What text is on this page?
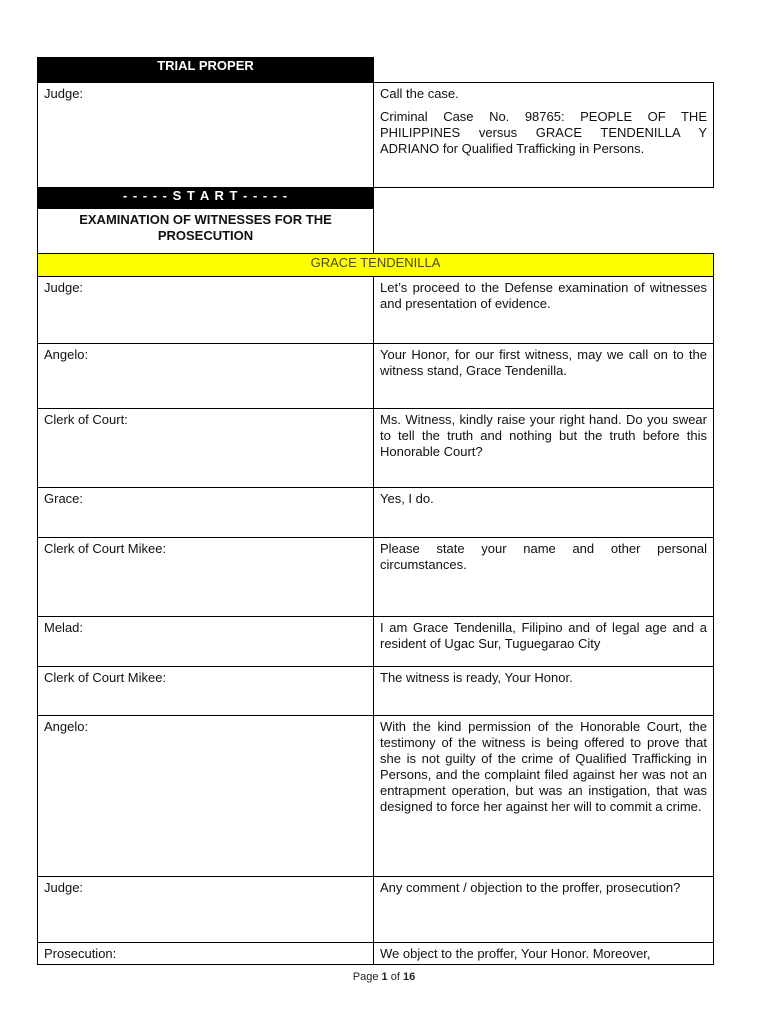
TRIAL PROPER
Judge:	Call the case.

Criminal Case No. 98765: PEOPLE OF THE PHILIPPINES versus GRACE TENDENILLA Y ADRIANO for Qualified Trafficking in Persons.

- - - - - S T A R T - - - - -
EXAMINATION OF WITNESSES FOR THE PROSECUTION
GRACE TENDENILLA
Judge:	Let’s proceed to the Defense examination of witnesses and presentation of evidence.
Angelo:	Your Honor, for our first witness, may we call on to the witness stand, Grace Tendenilla.
Clerk of Court:	Ms. Witness, kindly raise your right hand. Do you swear to tell the truth and nothing but the truth before this Honorable Court?
Grace:	Yes, I do.
Clerk of Court Mikee:	Please state your name and other personal circumstances.
Melad:	I am Grace Tendenilla, Filipino and of legal age and a resident of Ugac Sur, Tuguegarao City
Clerk of Court Mikee:	The witness is ready, Your Honor.
Angelo:	With the kind permission of the Honorable Court, the testimony of the witness is being offered to prove that she is not guilty of the crime of Qualified Trafficking in Persons, and the complaint filed against her was not an entrapment operation, but was an instigation, that was designed to force her against her will to commit a crime.
Judge:	Any comment / objection to the proffer, prosecution?
Prosecution:	We object to the proffer, Your Honor. Moreover,
Page 1 of 16
